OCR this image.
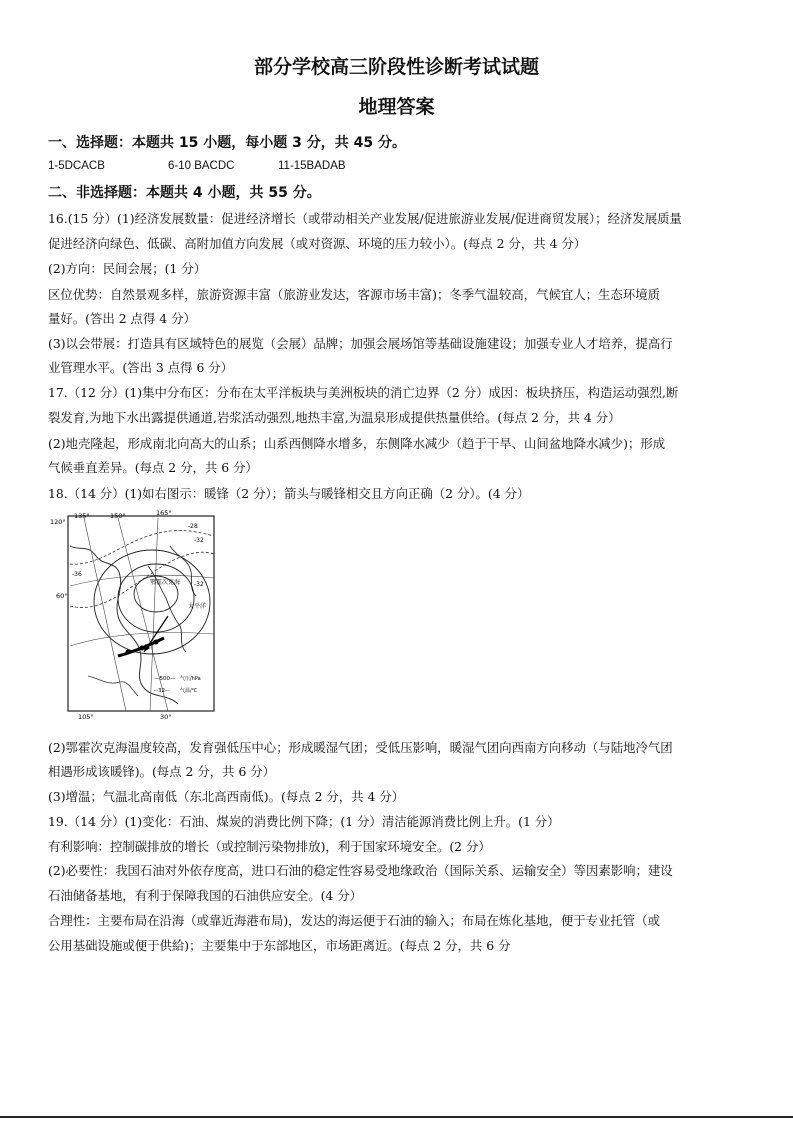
部分学校高三阶段性诊断考试试题
地理答案
一、选择题：本题共 15 小题，每小题 3 分，共 45 分。
1-5DCACB	6-10 BACDC	11-15BADAB
二、非选择题：本题共 4 小题，共 55 分。
16.(15 分）(1)经济发展数量：促进经济增长（或带动相关产业发展/促进旅游业发展/促进商贸发展）；经济发展质量
促进经济向绿色、低碳、高附加值方向发展（或对资源、环境的压力较小）。(每点 2 分，共 4 分）
(2)方向：民间会展；(1 分）
区位优势：自然景观多样，旅游资源丰富（旅游业发达，客源市场丰富)；冬季气温较高，气候宜人；生态环境质
量好。(答出 2 点得 4 分）
(3)以会带展：打造具有区域特色的展览（会展）品牌；加强会展场馆等基础设施建设；加强专业人才培养，提高行
业管理水平。(答出 3 点得 6 分）
17.（12 分）(1)集中分布区：分布在太平洋板块与美洲板块的消亡边界（2 分）成因：板块挤压，构造运动强烈,断
裂发育,为地下水出露提供通道,岩浆活动强烈,地热丰富,为温泉形成提供热量供给。(每点 2 分，共 4 分）
(2)地壳隆起，形成南北向高大的山系；山系西侧降水增多，东侧降水减少（趋于干旱、山间盆地降水减少)；形成
气候垂直差异。(每点 2 分，共 6 分）
18.（14 分）(1)如右图示：暖锋（2 分）；箭头与暖锋相交且方向正确（2 分）。(4 分）
135°	150°	165°
120°
60°
105°	30°
-28
-32
-36
-32
鄂霍次克海
太平洋
—500— 气压/hPa
--32-- 气温/℃
(2)鄂霍次克海温度较高，发育强低压中心；形成暖湿气团；受低压影响，暖湿气团向西南方向移动（与陆地冷气团
相遇形成该暖锋)。(每点 2 分，共 6 分）
(3)增温；气温北高南低（东北高西南低)。(每点 2 分，共 4 分）
19.（14 分）(1)变化：石油、煤炭的消费比例下降；(1 分）清洁能源消费比例上升。(1 分）
有利影响：控制碳排放的增长（或控制污染物排放)，利于国家环境安全。(2 分）
(2)必要性：我国石油对外依存度高，进口石油的稳定性容易受地缘政治（国际关系、运输安全）等因素影响；建设
石油储备基地，有利于保障我国的石油供应安全。(4 分）
合理性：主要布局在沿海（或靠近海港布局)，发达的海运便于石油的输入；布局在炼化基地，便于专业托管（或
公用基础设施或便于供給)；主要集中于东部地区，市场距离近。(每点 2 分，共 6 分
